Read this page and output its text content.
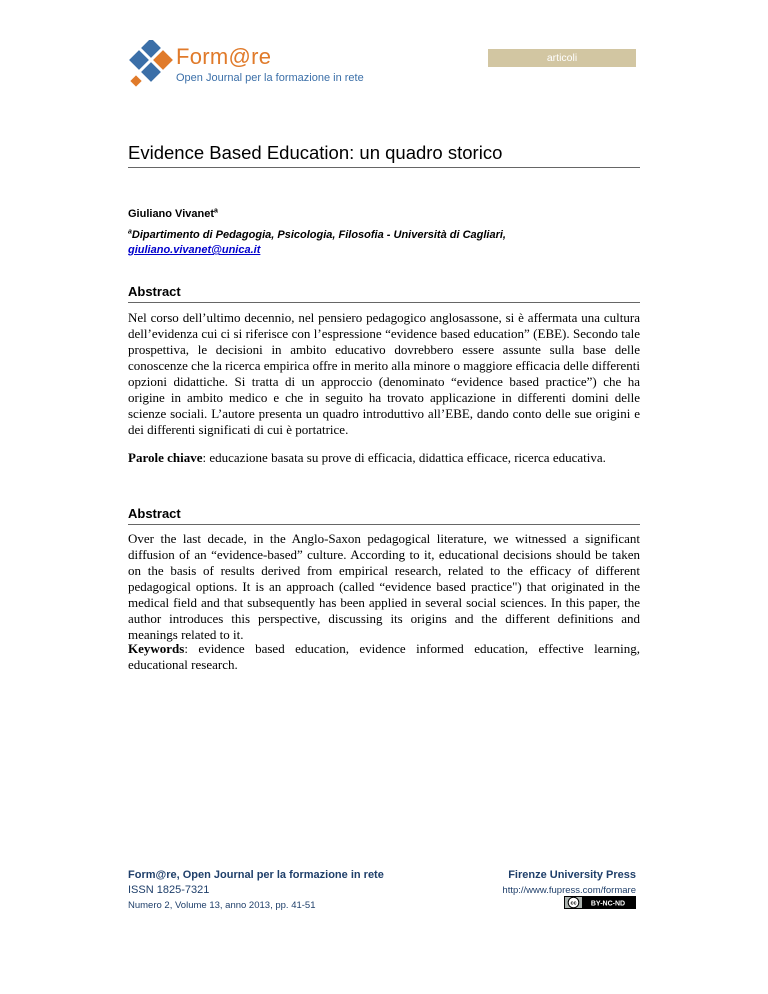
Form@re
Open Journal per la formazione in rete
articoli
Evidence Based Education: un quadro storico
Giuliano Vivanet$^a$
$^a$Dipartimento di Pedagogia, Psicologia, Filosofia - Università di Cagliari,
giuliano.vivanet@unica.it
Abstract
Nel corso dell’ultimo decennio, nel pensiero pedagogico anglosassone, si è affermata una cultura dell’evidenza cui ci si riferisce con l’espressione “evidence based education” (EBE). Secondo tale prospettiva, le decisioni in ambito educativo dovrebbero essere assunte sulla base delle conoscenze che la ricerca empirica offre in merito alla minore o maggiore efficacia delle differenti opzioni didattiche. Si tratta di un approccio (denominato “evidence based practice”) che ha origine in ambito medico e che in seguito ha trovato applicazione in differenti domini delle scienze sociali. L’autore presenta un quadro introduttivo all’EBE, dando conto delle sue origini e dei differenti significati di cui è portatrice.
Parole chiave: educazione basata su prove di efficacia, didattica efficace, ricerca educativa.
Abstract
Over the last decade, in the Anglo-Saxon pedagogical literature, we witnessed a significant diffusion of an “evidence-based” culture. According to it, educational decisions should be taken on the basis of results derived from empirical research, related to the efficacy of different pedagogical options. It is an approach (called “evidence based practice") that originated in the medical field and that subsequently has been applied in several social sciences. In this paper, the author introduces this perspective, discussing its origins and the different definitions and meanings related to it.
Keywords: evidence based education, evidence informed education, effective learning, educational research.
Form@re, Open Journal per la formazione in rete
ISSN 1825-7321
Numero 2, Volume 13, anno 2013, pp. 41-51
Firenze University Press
http://www.fupress.com/formare
cc BY-NC-ND
